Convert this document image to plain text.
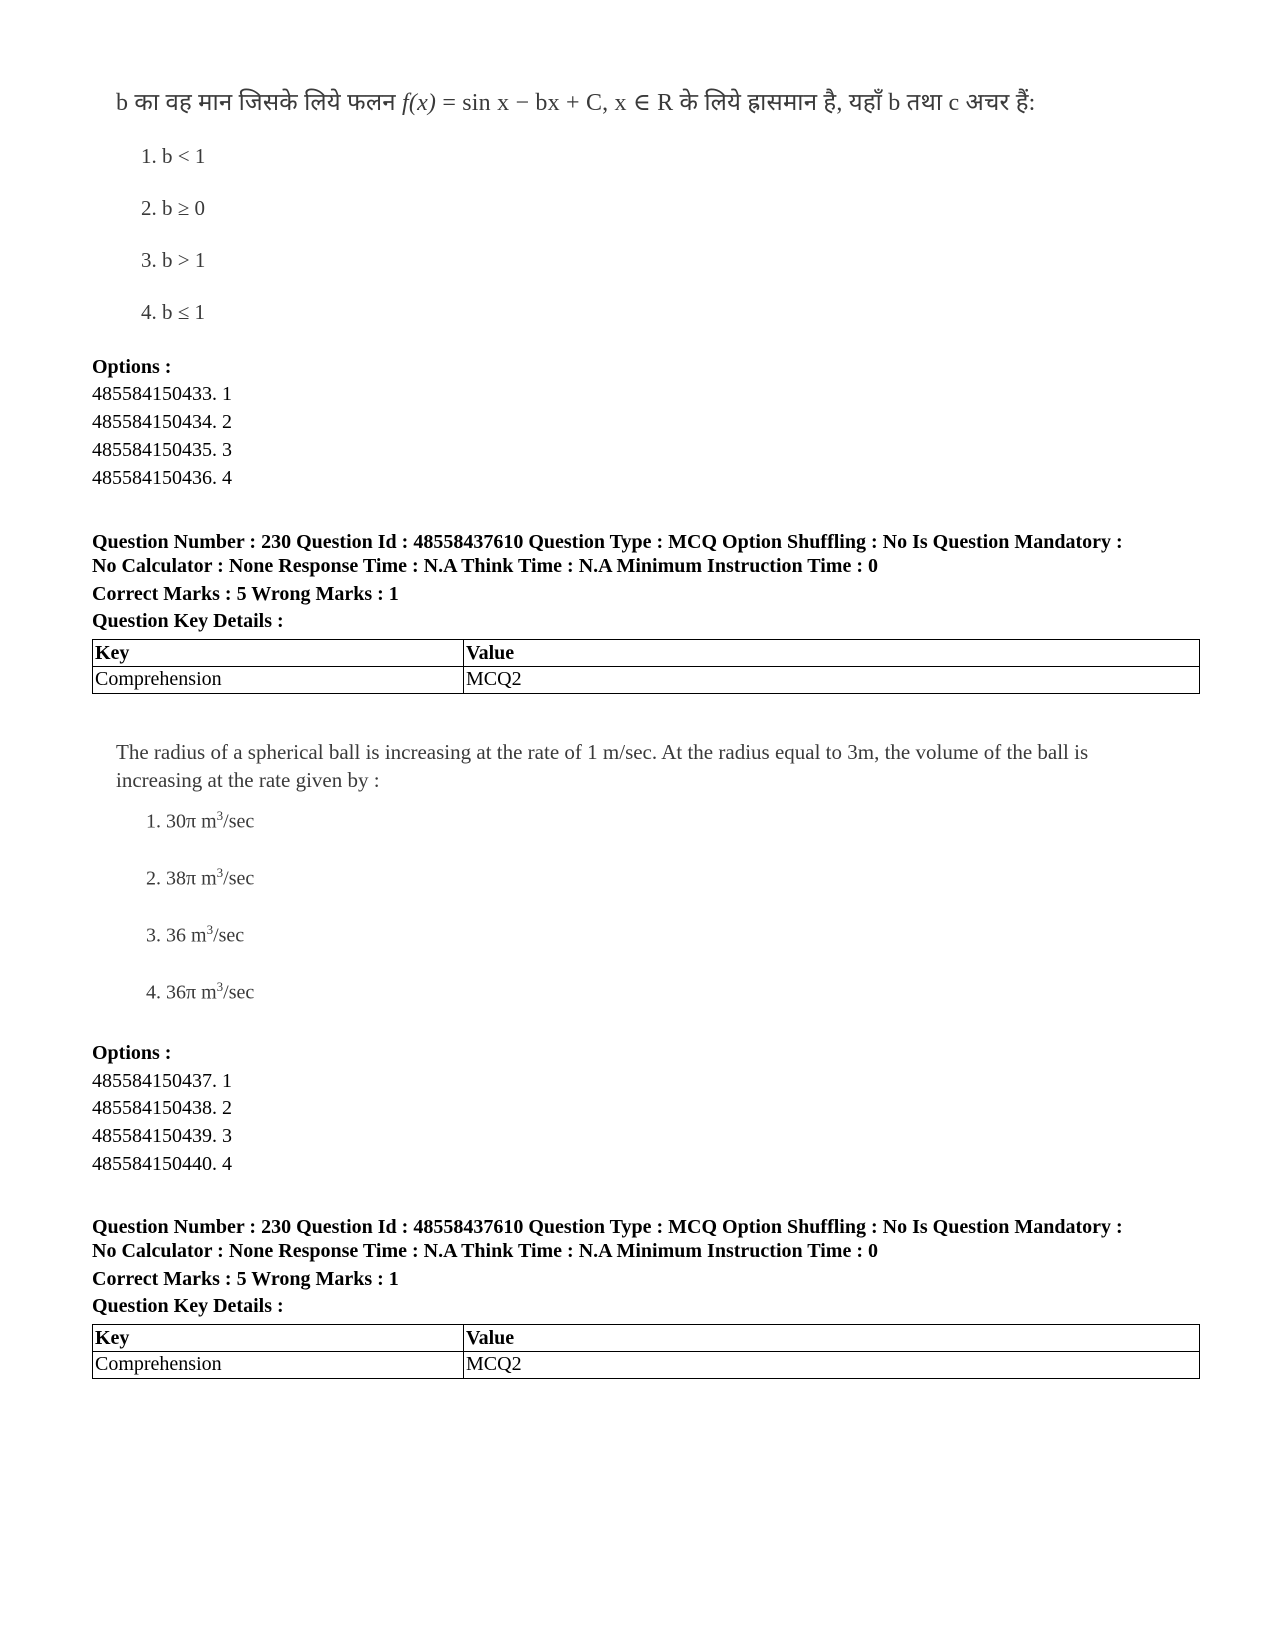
b का वह मान जिसके लिये फलन f(x) = sin x − bx + C, x ∈ R के लिये ह्रासमान है, यहाँ b तथा c अचर हैं:
1. b < 1
2. b ≥ 0
3. b > 1
4. b ≤ 1
Options :
485584150433. 1
485584150434. 2
485584150435. 3
485584150436. 4
Question Number : 230 Question Id : 48558437610 Question Type : MCQ Option Shuffling : No Is Question Mandatory :
No Calculator : None Response Time : N.A Think Time : N.A Minimum Instruction Time : 0
Correct Marks : 5 Wrong Marks : 1
Question Key Details :
Key	Value
Comprehension	MCQ2
The radius of a spherical ball is increasing at the rate of 1 m/sec. At the radius equal to 3m, the volume of the ball is increasing at the rate given by :
1. 30π $m^3/\sec$
2. 38π $m^3/\sec$
3. 36 $m^3/\sec$
4. 36π $m^3/\sec$
Options :
485584150437. 1
485584150438. 2
485584150439. 3
485584150440. 4
Question Number : 230 Question Id : 48558437610 Question Type : MCQ Option Shuffling : No Is Question Mandatory :
No Calculator : None Response Time : N.A Think Time : N.A Minimum Instruction Time : 0
Correct Marks : 5 Wrong Marks : 1
Question Key Details :
Key	Value
Comprehension	MCQ2
